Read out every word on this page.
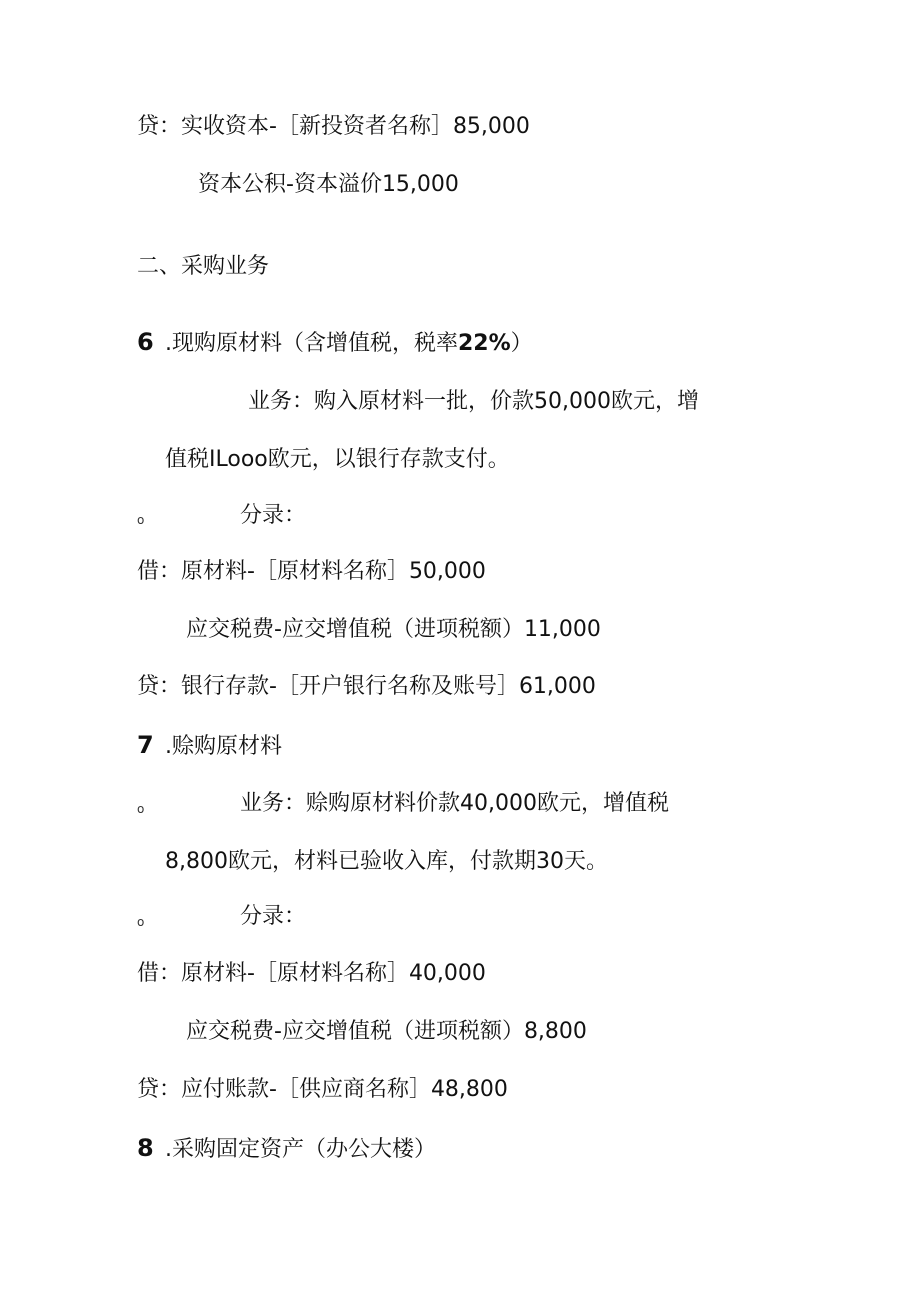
贷：实收资本-［新投资者名称］85,000
资本公积-资本溢价15,000
二、采购业务
6 .现购原材料（含增值税，税率22%）
业务：购入原材料一批，价款50,000欧元，增
值税ILooo欧元，以银行存款支付。
o	分录：
借：原材料-［原材料名称］50,000
应交税费-应交增值税（进项税额）11,000
贷：银行存款-［开户银行名称及账号］61,000
7 .赊购原材料
o	业务：赊购原材料价款40,000欧元，增值税
8,800欧元，材料已验收入库，付款期30天。
o	分录：
借：原材料-［原材料名称］40,000
应交税费-应交增值税（进项税额）8,800
贷：应付账款-［供应商名称］48,800
8 .采购固定资产（办公大楼）
